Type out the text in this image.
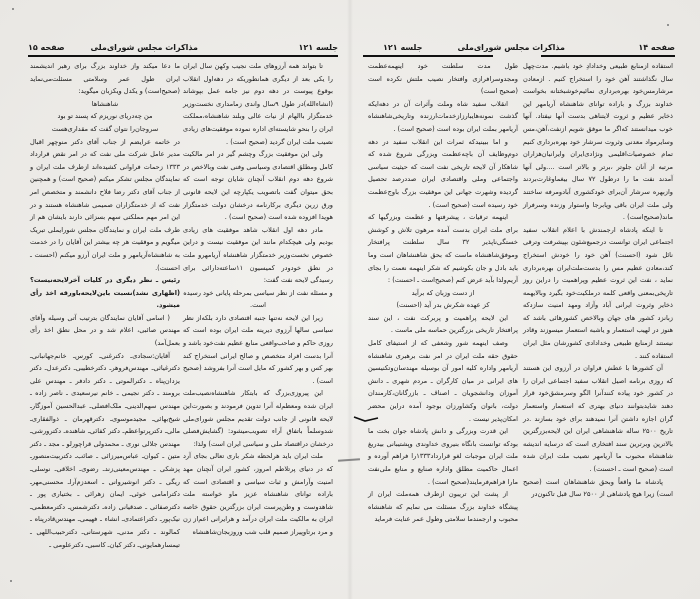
جلسه ۱۲۱
مذاکرات مجلس شورای‌ملی
صفحه ۱۵

تا بتواند همه آرزوهای ملت نجیب وکهن سال ایران را یکی بعد از دیگری همانطوریکه در دهه‌اول انقلاب بوقوع پیوست در دهه دوم نیز جامه عمل بپوشاند (انشاءالله)در طول ۹سال واندی زمامداری نخست‌وزیر خدمتگزار باالهام از نیات عالی وبلند شاهنشاه،مملکت ایران را بنحو شایسته‌ای اداره نموده موفقیت‌های زیادی نصیب ملت ایران گردید (صحیح است) .

ولی این موفقیت بزرگ وچشم گیر در امر مالکیت کامل ومطلق اقتصادی وسیاسی وفنی نفت وبالاخص در شروع دهه دوم انقلاب آنچنان شایان توجه است که بحق میتوان گفت باتصویب یکپارچه این لایحه قانونی ورق زرین دیگری برکارنامه درخشان دولت خدمتگزار هویدا افزوده شده است (صحیح است) .

مادر دهه اول انقلاب شاهد موفقیت های زیادی بودیم ولی هیچکدام مانند این موفقیت نیست و دراین خصوص نخست‌وزیر خدمتگزار شاهنشاه آریامهرو ملت در نطق خودودر کمیسیون ۱۱ساعته‌دارائی برای رسیدگی لایحه نفت گفت:

و مسئله نفت از نظر سیاسی بمرحله پایانی خود رسیده است.

زیرا این لایحه نه‌تنها جنبه اقتصادی دارد بلکه‌از نظر سیاسی سالها آرزوی دیرینه ملت ایران بوده است که روزی حاکم و صاحب‌واقعی منابع عظیم نفت‌خود باشد و آنرا بدست افراد متخصص و صالح ایرانی استخراج کند بهر کس و بهر کشور که مایل است آنرا بفروشد (صحیح است) .

این پیروزی‌بزرگ که بابتکار شاهنشاه‌نصیب‌ملت ایران شده ومعظم‌له آنرا تدوین فرمودند و بصورت‌این لایحه قانونی از جانب دولت تقدیم مجلس شورای‌ملی شدوسلماً باتفاق آراء تصویب‌میشود: (گشایش‌فصلی درخشان دراقتصاد ملی و سیاسی ایران است) ولذا:

ملت ایران باید هرلحظه شکر باری تعالی بجای آرد که در دنیای پرتلاطم امروز، کشور ایران آنچنان مهد امنیت وآرامش و ثبات سیاسی و اقتصادی است که باراده توانای شاهنشاه عزیز ماو خواسته ملت شاهدوست و وطن‌پرست ایران بزرگترین حقوق خاصه ایران به مالکیت ملت ایران درآمد و هرایرانی اعم‌از زن و مرد برتاوپیراز صمیم قلب شب وروزبجان‌شاهنشاه

ما دعا میکند واز خداوند بزرگ برای رهبر اندیشمند ایران طول عمر وسلامتی مسئلت‌می‌نماید (صحیح‌است) و یکدل ویکزبان میگوید:

شاهنشاها

من چه‌دریای نوریزم که پسند تو بود

سروجان‌را نتوان گفت که مقداری‌هست

در خاتمه عرایضم از جناب آقای دکتر منوچهر اقبال مدیر عامل شرکت ملی نفت که در امر نقض قرارداد ۱۳۳۳ زحمات فراوانی کشیده‌اند ازطرف ملت ایران و نمایندگان مجلس تشکر میکنم (صحیح است) و همچنین از جناب آقای دکتر رضا فلاح دانشمند و متخصص امر نفت که از خدمتگزاران صمیمی شاهنشاه هستند و در این امر مهم مملکتی سهم بسزائی دارند بایشان هم از طرف ملت ایران و نمایندگان مجلس شورایملی تبریک میگویم و موفقیت هر چه بیشتر این آقایان را در خدمت به شاهنشاه‌آریامهر و ملت ایران آرزو میکنم (احسنت ـ احسنت).

رئیس ـ نظر دیگری در کلیات آخرلایحه‌نیست؟ (اظهاری نشد)نسبت باین‌لایحه‌باورقه اخذ رأی میشود.

( اسامی آقایان نمایندگان بترتیب آتی وسیله وآقای مهندس صائبی، اعلام شد و در محل نطق اخذ رأی بعمل‌آمد)

آقایان:سجادی‌ـ دکترغنی‌ـ کورس‌ـ خانم‌جهانبانی‌ـ دکترغیاثی‌ـ مهندس‌فروهرـ دکترخطیبی‌ـ دکترعدل‌ـ دکتر یزدان‌پناه ـ دکترالموتی ـ دکتر دادفر ـ مهندس علی برومند ـ دکتر نجیمی ـ خانم نیرسعیدی ـ ناصر زاده ـ مهندس سهم‌الدینی‌ـ ملک‌افضلی‌ـ عبدالحسین آموزگار‌ـ شیخ‌بهائی‌ـ مجیدموسوی‌ـ دکترقهرمان ـ ذوالفقاری‌ـ مالی‌ـ دکترپرتواعظم‌ـ دکتر کفائی‌ـ شاهنده‌ـ دکترورشی‌ـ مهندس جلالی نوری ـ محمدولی قراچورلو ـ مجد ـ دکتر متین ـ کیوان‌ـ عباس‌میرزائی ـ صائب‌ـ دکتربیت‌منصور‌ـ پزشکی ـ مهندس‌معینی‌زند‌ـ رضوی‌ـ اخلاقی‌ـ نوسلی‌ـ ریگی ـ دکتر انوشیروانی ـ اسعدزم‌آرا‌ـ محسنی‌مهر‌ـ دکترامامی خوئی‌ـ ایمان زهرائی ـ بختیاری پور ـ دکترصفائی ـ صدقیانی زاده‌ـ دکترشمس‌ـ دکترمعظمی‌ـ نیک‌پور‌ـ دکتراعتمادی‌ـ انشاء ـ فهیمی‌ـ مهندس‌قادرپناه ـ کمالوند ـ دکتر مدنی‌ـ شهرستانی‌ـ دکترحبیب‌اللهی ـ تیمسارهمایونی‌ـ دکتر کیان‌ـ کاسبی‌ـ دکترعلومی ـ

جلسه ۱۲۱	مذاکرات مجلس شورای‌ملی	صفحه ۱۴

استفاده ازمنابع طبیعی وخدادادِ خود باشیم. مدت‌چهل سال نگذاشتند آهن خود را استخراج کنیم . ازمعادن مرشارمس‌خود بهره‌برداری نمائیم‌خوشبختانه بخواست خداوند بزرگ و باراده توانای شاهنشاه آریامهر این ذخایر عظیم و ثروت لایتناهی بدست آنها نیفتاد. آنها خوب میدانستند که‌اگر ما موفق شویم ازنفت،آهن،مس وسایرمواد معدنی وثروت سرشار خود بهره‌برداری کنیم تمام خصوصیات‌اقلیمی ونژادی‌ایران وایرانیان‌هزاران مرتبه از آنان جلوتر ،برتر و بالاتر است ....ولی آنها آمدند نفت ما را درطول ۷۲ سال بیغماوغارت‌بردند وازبهره سرشار آن‌برای خودکشوری آبادومرفه ساختند ولی ملت ایران باقی وپابرجا واستوار وزنده وسرفراز ماند(صحیح‌است) .

تا اینکه پادشاه ارجمندش با اعلام انقلاب سفید اجتماعی ایران توانست درجمیع‌شئون بپیشرفت وترقی نائل شود (احسنت) آهن خود را خودش استخراج کند،معادن عظیم مس را بدست‌ملت‌ایران بهره‌برداری نماید ، نفت این ثروت عظیم وپراهمیت را دراین روز تاریخی‌بمعنی واقعی کلمه درملکیت‌خود بگیرد وبالایهمه ذخایر وثروت ایرانی آباد وآزاد ومهد امنیت سازد‌که زبانزد کشور های جهان وبالاخص کشورهائی باشد که هنوز در لهیب استعمار و یاشبه استعمار میسوزند وقادر نیستند ازمنابع طبیعی وخدادادی کشورشان مثل ایران استفاده کنند .

آن کشورها با عطش فراوان در آرزوی این هستند که روزی برنامه اصیل انقلاب سفید اجتماعی ایران را در کشور خود پیاده کنند‌آنرا الگو وسرمشق‌خود قرار دهند شاید‌بتوانند دنیای بهتری که استعمار واستعمار گران اجازه داشتن آنرا نمیدهند برای خود بسازند .در تاریخ ۲۵۰۰ ساله شاهنشاهی ایران این لایحه‌بزرگترین بالاترین وبرترین سند افتخاری است که درسایه اندیشه شاهنشاه محبوب ما آریامهر نصیب ملت ایران شده است (صحیح است ـ احسنت) .

پادشاه ما واقعاً وبحق شاهنشاهان است (صحیح است) زیرا هیچ پادشاهی از ۲۵۰۰ سال قبل تاکنون‌در

طول مدت سلطنت خود اینهمه‌عظمت ومجدوسرافرازی وافتخار نصیب ملتش نکرده است (صحیح است)

انقلاب سفید شاه وملت وآثرات آن در دهه‌ایکه گذشت نمونه‌هایبارزازخدمات‌ارزنده وتاریخی‌شاهنشاه آریامهر بملت ایران بوده است (صحیح است) .

و اما ببینید‌که ثمرات این انقلاب سفید در دهه دوم‌وظایف آن باچه‌عظمت وبزرگی شروع شده که شاهکار آن لایحه تاریخی نفت است که حیثیت سیاسی واجتماعی وملی واقتصادی ایران صددرصد تحصیل گردیده وشهرت جهانی این موفقیت بزرگ باوج‌عظمت خود رسیده است (صحیح است) .

اینهمه ترقیات ، پیشرفتها و عظمت وبزرگیها که برای ملت ایران بدست آمده مرهون تلاش و کوشش خستگی‌ناپذیر ۳۲ سال سلطنت پرافتخار وموفق‌شاهنشاه ماست که بحق شاهنشاهان است وما باید بادل و جان بکوشیم که شکر اینهمه نعمت را بجای آریم‌ولذا بآید عرض کنم (صحیح‌است ـ احسنت) :

از دست وزبان که برآید

کز عهده شکرش بدر آید (احسنت)

این لایحه پراهمیت و پربرکت نفت ، این سند پرافتخار تاریخی بزرگترین حماسه ملی ماست .

وصف اینهمه شور وشعفی که از استیفای کامل حقوق حقه ملت ایران در امر نفت برهبری شاهنشاه آریامهر واداره کلیه امور آن بوسیله مهندسان‌وتکنیسین های ایرانی در میان کارگران ـ مردم شهری ـ دانش آموزان ودانشجویان ـ اصناف ـ بازرگانان،کارمندان دولت، بانوان وکشاورزان بوجود آمده دراین محضر امکان‌پذیر نیست .

این قدرت وبزرگی و دانش پادشاه جوان بخت ما بودکه توانست بانگاه بنیروی خداوندی وپشتیبانی بیدریغ ملت ایران موجبات لغو قرارداد۱۳۳۳را فراهم آورده و اعمال حاکمیت مطلق واداره صنایع و منابع ملی‌نفت مارا فراهم‌فرمایند(صحیح است) .

از پشت این تریبون ازطرف همه‌ملت ایران از پیشگاه خداوند بزرگ مسئلت می نمایم که شاهنشاه محبوب و ارجمندما سلامتی وطول عمر عنایت فرماید
